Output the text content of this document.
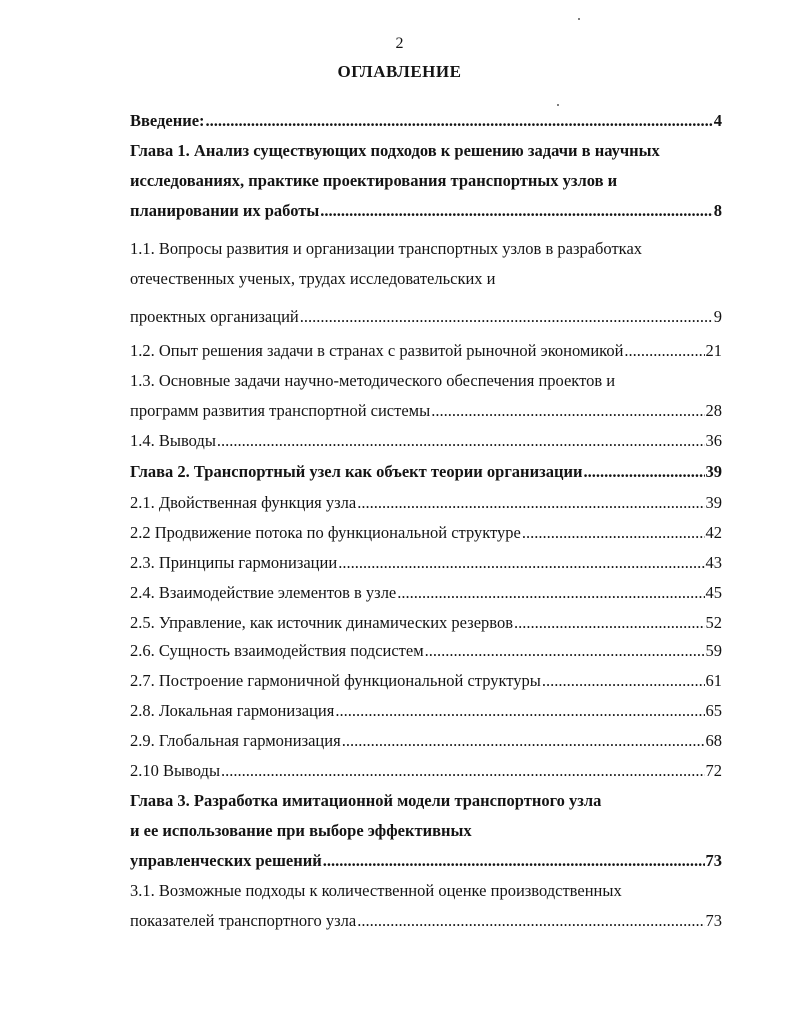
2
ОГЛАВЛЕНИЕ
Введение: .....	4
Глава 1. Анализ существующих подходов к решению задачи в научных
исследованиях, практике проектирования транспортных узлов и
планировании их работы .....	8
1.1. Вопросы развития и организации транспортных узлов в разработках
отечественных ученых, трудах исследовательских и
проектных организаций .....	9
1.2. Опыт решения задачи в странах с развитой рыночной экономикой .....	21
1.3. Основные задачи научно-методического обеспечения проектов и
программ развития транспортной системы .....	28
1.4. Выводы .....	36
Глава 2. Транспортный узел как объект теории организации .....	39
2.1. Двойственная функция узла .....	39
2.2 Продвижение потока по функциональной структуре .....	42
2.3. Принципы гармонизации .....	43
2.4. Взаимодействие элементов в узле .....	45
2.5. Управление, как источник динамических резервов .....	52
2.6. Сущность взаимодействия подсистем .....	59
2.7. Построение гармоничной функциональной структуры .....	61
2.8. Локальная гармонизация .....	65
2.9. Глобальная гармонизация .....	68
2.10 Выводы .....	72
Глава 3. Разработка имитационной модели транспортного узла
и ее использование при выборе эффективных
управленческих решений .....	73
3.1. Возможные подходы к количественной оценке производственных
показателей транспортного узла .....	73
